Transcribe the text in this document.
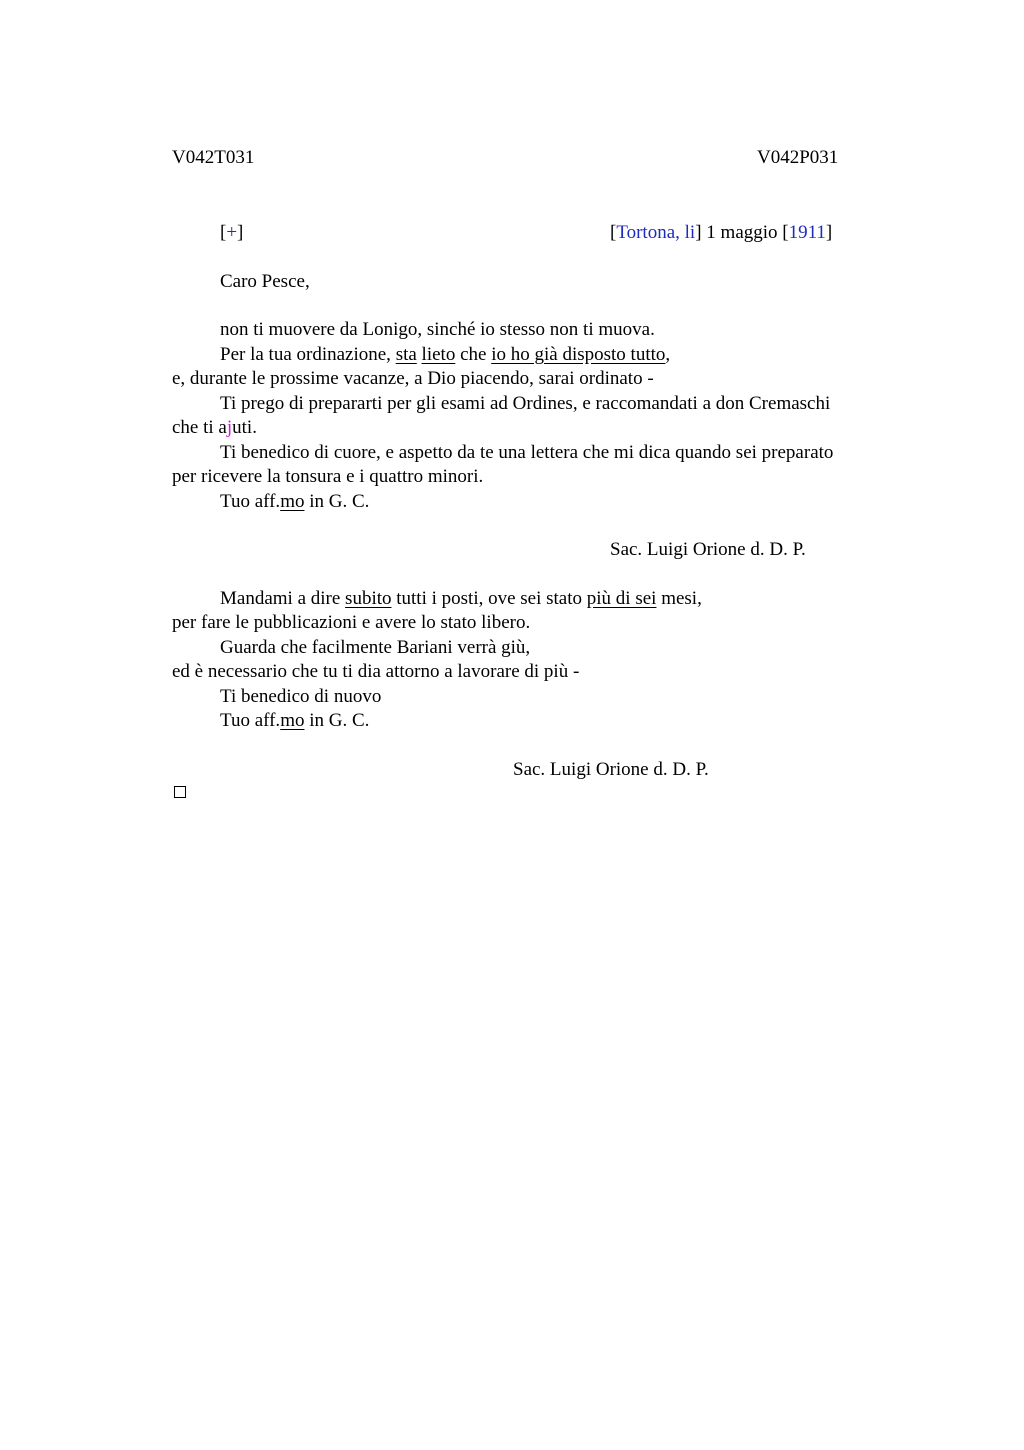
V042T031	V042P031
[+]	[Tortona, li] 1 maggio [1911]
Caro Pesce,
non ti muovere da Lonigo, sinché io stesso non ti muova.
Per la tua ordinazione, sta lieto che io ho già disposto tutto,
e, durante le prossime vacanze, a Dio piacendo, sarai ordinato -
Ti prego di prepararti per gli esami ad Ordines, e raccomandati a don Cremaschi
che ti ajuti.
Ti benedico di cuore, e aspetto da te una lettera che mi dica quando sei preparato
per ricevere la tonsura e i quattro minori.
Tuo aff.mo in G. C.
Sac. Luigi Orione d. D. P.
Mandami a dire subito tutti i posti, ove sei stato più di sei mesi,
per fare le pubblicazioni e avere lo stato libero.
Guarda che facilmente Bariani verrà giù,
ed è necessario che tu ti dia attorno a lavorare di più -
Ti benedico di nuovo
Tuo aff.mo in G. C.
Sac. Luigi Orione d. D. P.
